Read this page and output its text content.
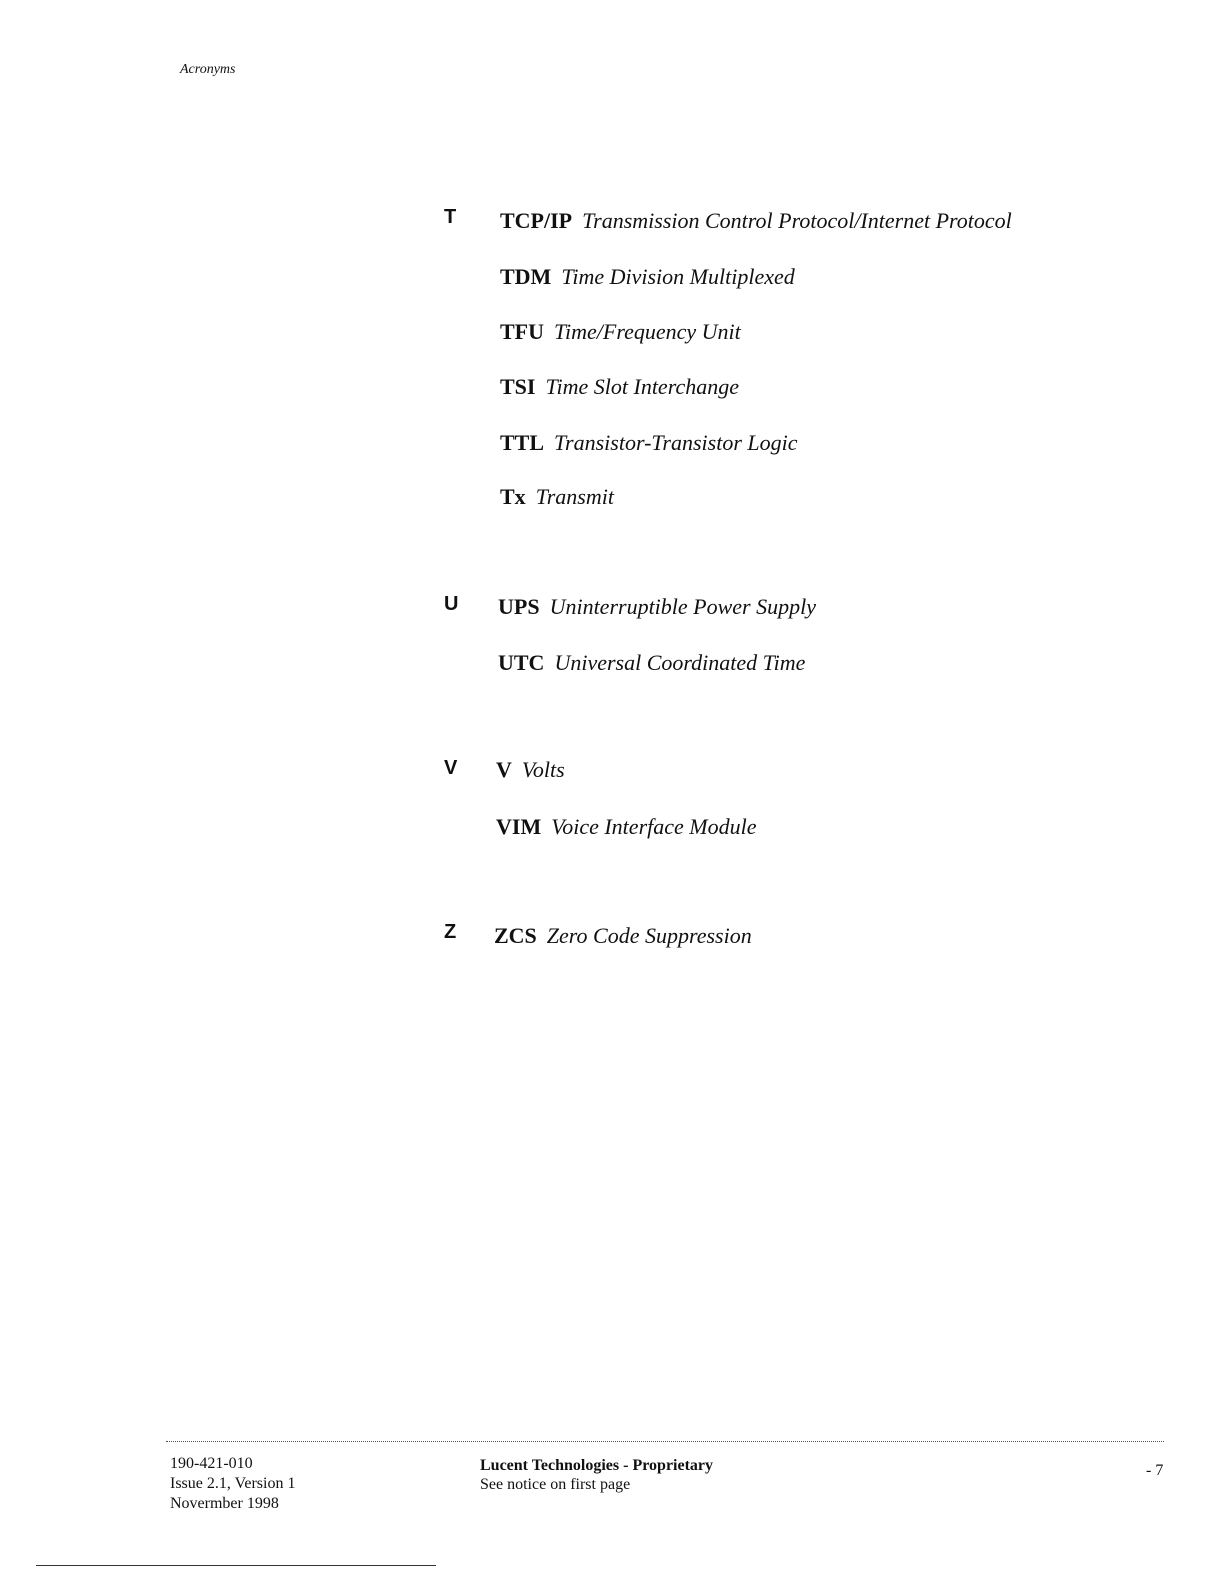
Acronyms
T TCP/IP Transmission Control Protocol/Internet Protocol
TDM Time Division Multiplexed
TFU Time/Frequency Unit
TSI Time Slot Interchange
TTL Transistor-Transistor Logic
Tx Transmit
U UPS Uninterruptible Power Supply
UTC Universal Coordinated Time
V V Volts
VIM Voice Interface Module
Z ZCS Zero Code Suppression
190-421-010
Issue 2.1, Version 1
Novermber 1998
Lucent Technologies - Proprietary
See notice on first page
- 7
